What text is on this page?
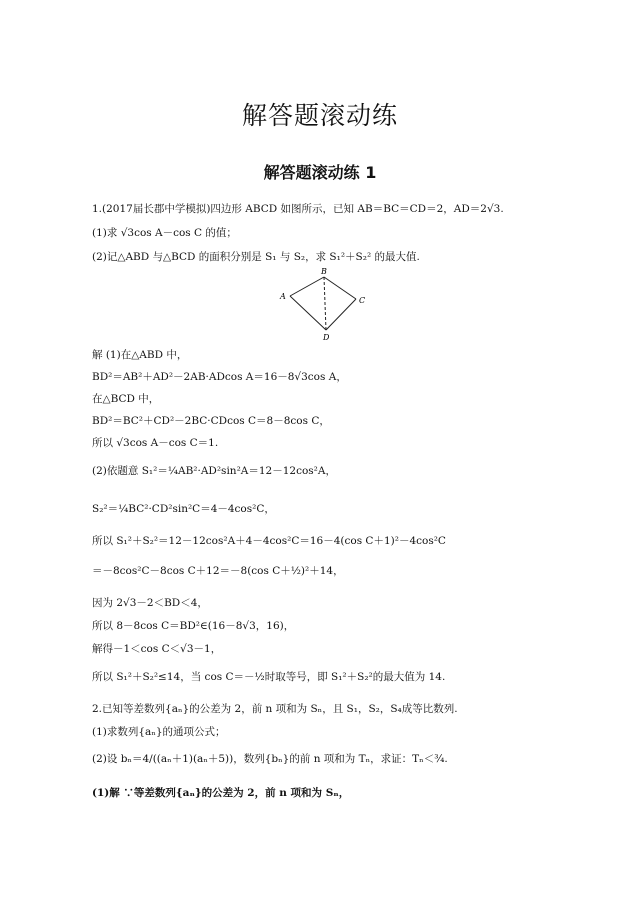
解答题滚动练
解答题滚动练 1
1.(2017届长郡中学模拟)四边形 ABCD 如图所示，已知 AB＝BC＝CD＝2，AD＝2√3.
(1)求 √3cos A－cos C 的值；
(2)记△ABD 与△BCD 的面积分别是 S₁ 与 S₂，求 S₁²＋S₂² 的最大值.
A
B
C
D
解 (1)在△ABD 中，
BD²＝AB²＋AD²－2AB·ADcos A＝16－8√3cos A，
在△BCD 中，
BD²＝BC²＋CD²－2BC·CDcos C＝8－8cos C，
所以 √3cos A－cos C＝1.
(2)依题意 S₁²＝¼AB²·AD²sin²A＝12－12cos²A，
S₂²＝¼BC²·CD²sin²C＝4－4cos²C，
所以 S₁²＋S₂²＝12－12cos²A＋4－4cos²C＝16－4(cos C＋1)²－4cos²C
＝－8cos²C－8cos C＋12＝－8(cos C＋½)²＋14，
因为 2√3－2＜BD＜4，
所以 8－8cos C＝BD²∈(16－8√3，16)，
解得－1＜cos C＜√3－1，
所以 S₁²＋S₂²≤14，当 cos C＝－½时取等号，即 S₁²＋S₂²的最大值为 14.
2.已知等差数列{aₙ}的公差为 2，前 n 项和为 Sₙ，且 S₁，S₂，S₄成等比数列.
(1)求数列{aₙ}的通项公式；
(2)设 bₙ＝4/((aₙ＋1)(aₙ＋5))，数列{bₙ}的前 n 项和为 Tₙ，求证：Tₙ＜¾.
(1)解 ∵等差数列{aₙ}的公差为 2，前 n 项和为 Sₙ，
